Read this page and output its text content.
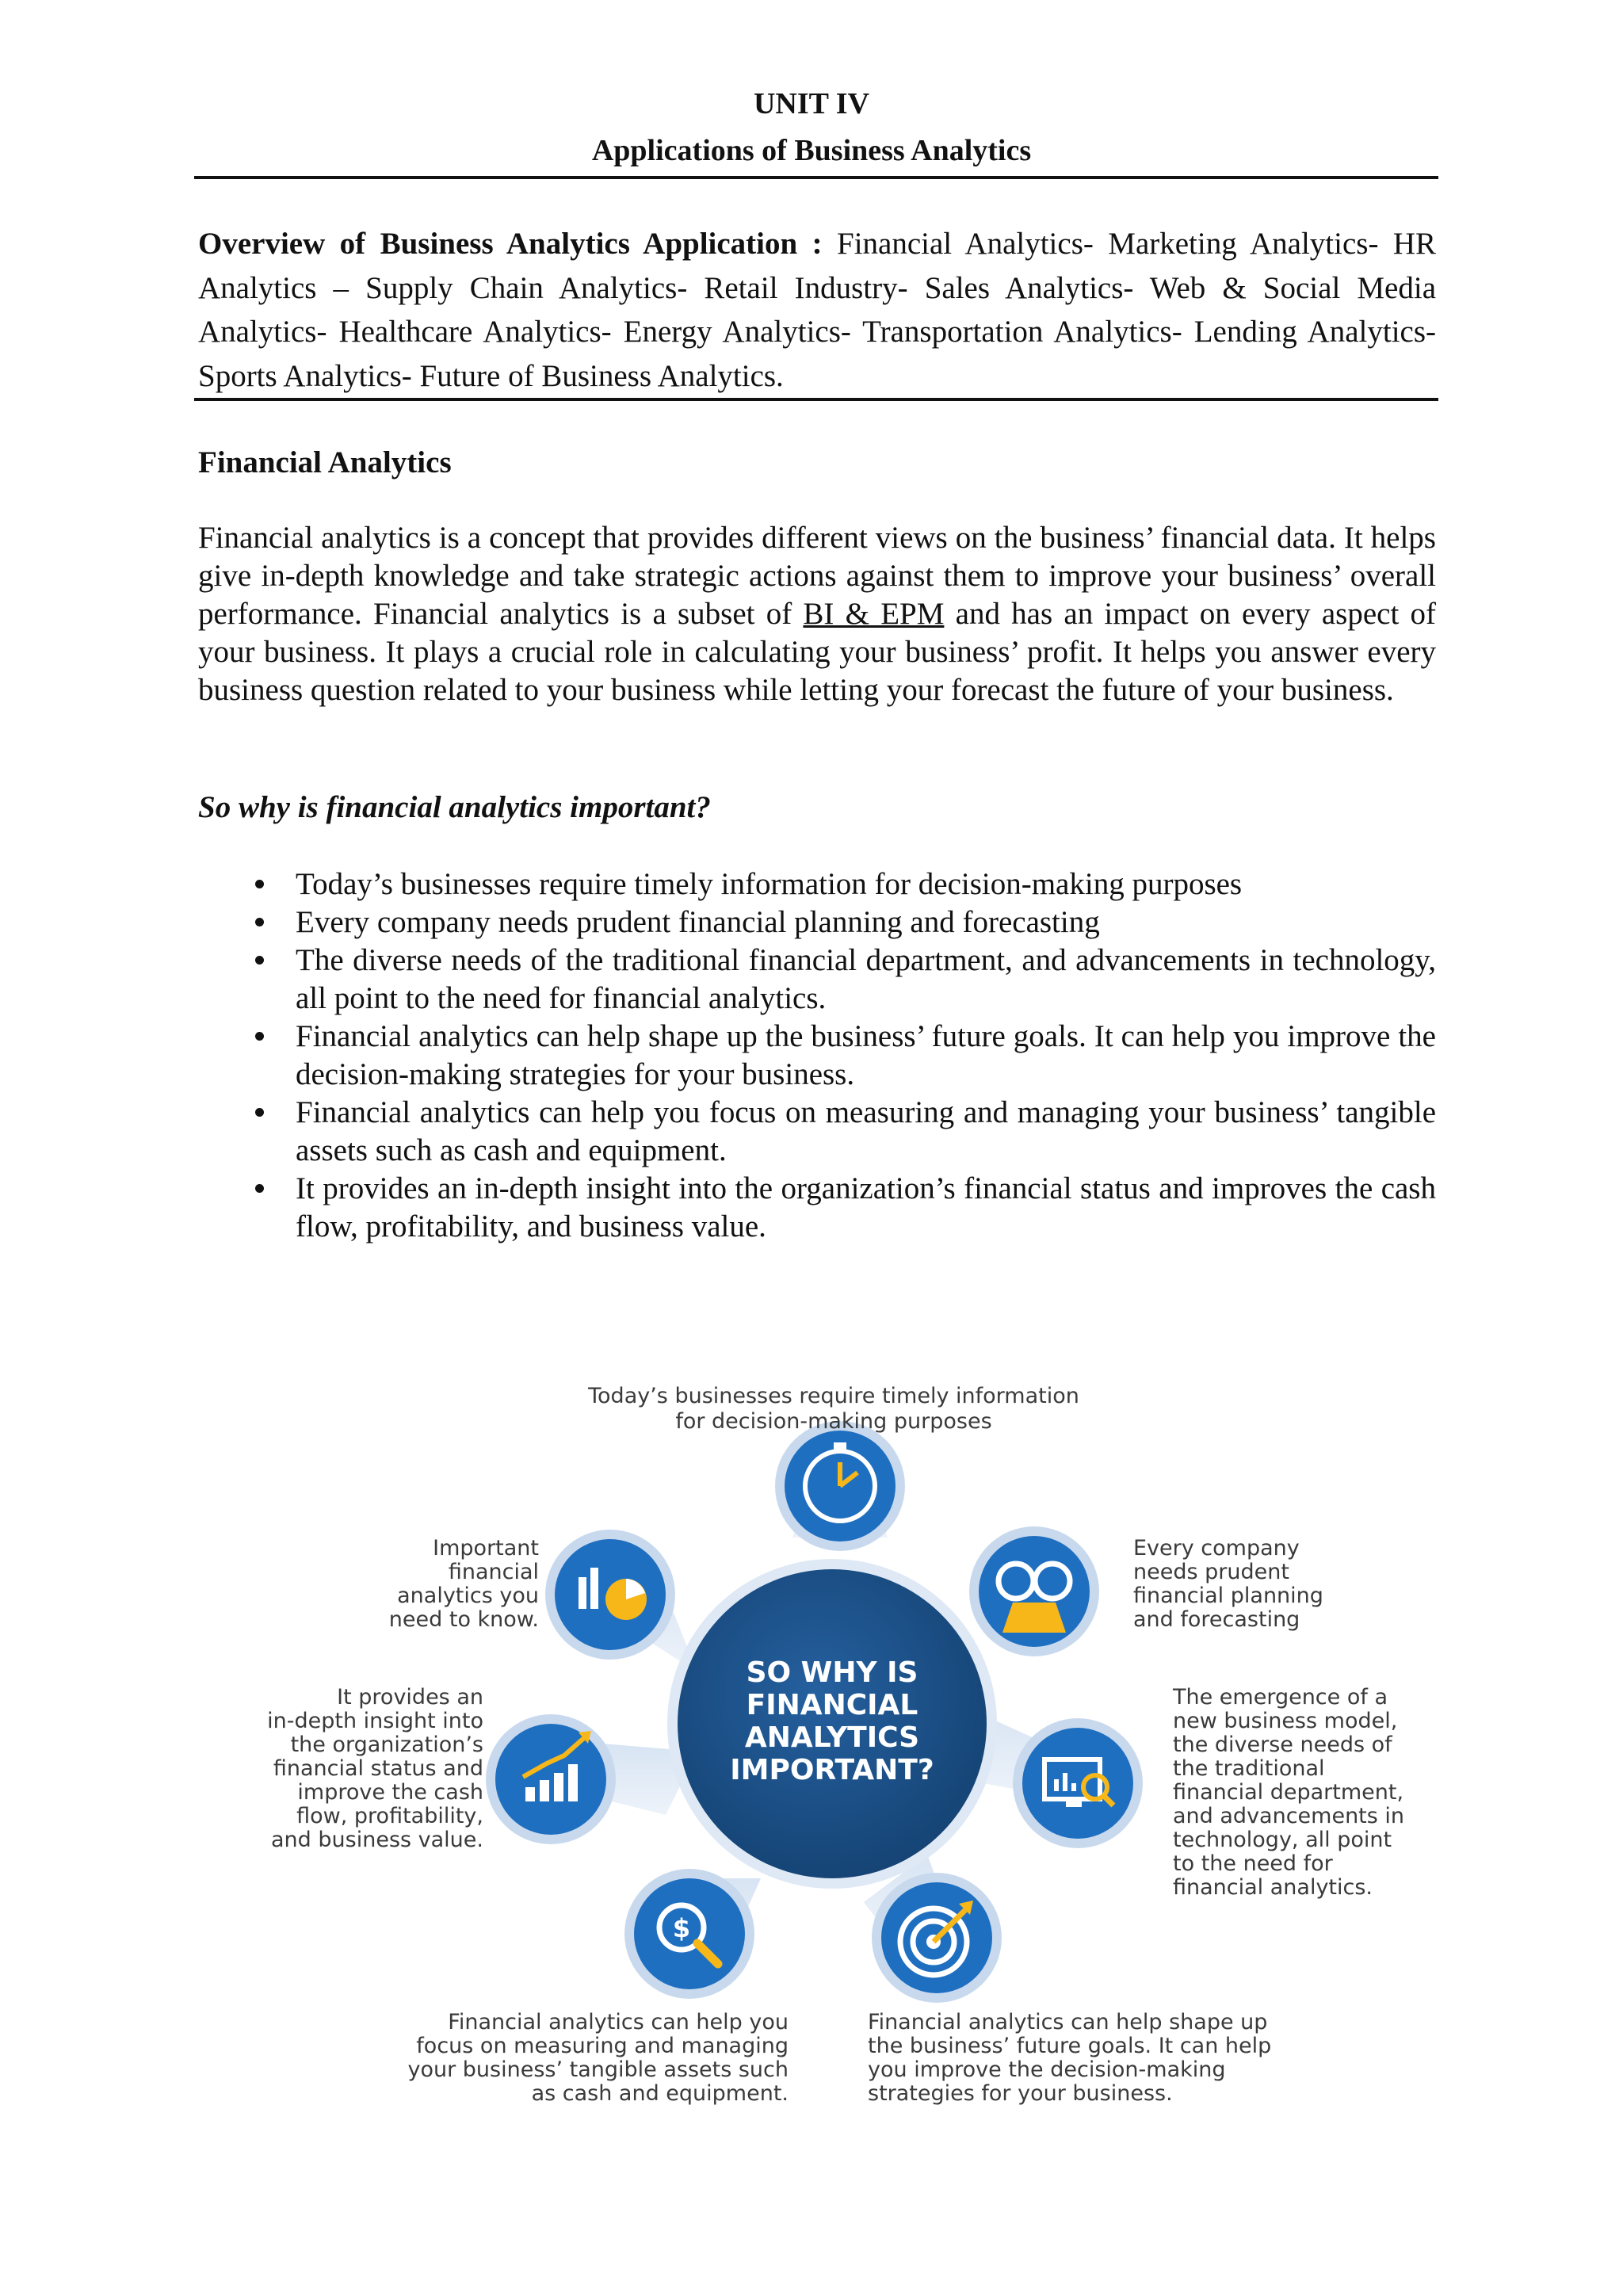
UNIT IV
Applications of Business Analytics
Overview of Business Analytics Application : Financial Analytics- Marketing Analytics- HR Analytics – Supply Chain Analytics- Retail Industry- Sales Analytics- Web & Social Media Analytics- Healthcare Analytics- Energy Analytics- Transportation Analytics- Lending Analytics- Sports Analytics- Future of Business Analytics.
Financial Analytics
Financial analytics is a concept that provides different views on the business’ financial data. It helps give in-depth knowledge and take strategic actions against them to improve your business’ overall performance. Financial analytics is a subset of BI & EPM and has an impact on every aspect of your business. It plays a crucial role in calculating your business’ profit. It helps you answer every business question related to your business while letting your forecast the future of your business.
So why is financial analytics important?
Today’s businesses require timely information for decision-making purposes
Every company needs prudent financial planning and forecasting
The diverse needs of the traditional financial department, and advancements in technology, all point to the need for financial analytics.
Financial analytics can help shape up the business’ future goals. It can help you improve the decision-making strategies for your business.
Financial analytics can help you focus on measuring and managing your business’ tangible assets such as cash and equipment.
It provides an in-depth insight into the organization’s financial status and improves the cash flow, profitability, and business value.
SO WHY IS
FINANCIAL
ANALYTICS
IMPORTANT?
$
Today’s businesses require timely information
for decision-making purposes
Important
financial
analytics you
need to know.
Every company
needs prudent
financial planning
and forecasting
It provides an
in-depth insight into
the organization’s
financial status and
improve the cash
flow, profitability,
and business value.
The emergence of a
new business model,
the diverse needs of
the traditional
financial department,
and advancements in
technology, all point
to the need for
financial analytics.
Financial analytics can help you
focus on measuring and managing
your business’ tangible assets such
as cash and equipment.
Financial analytics can help shape up
the business’ future goals. It can help
you improve the decision-making
strategies for your business.
